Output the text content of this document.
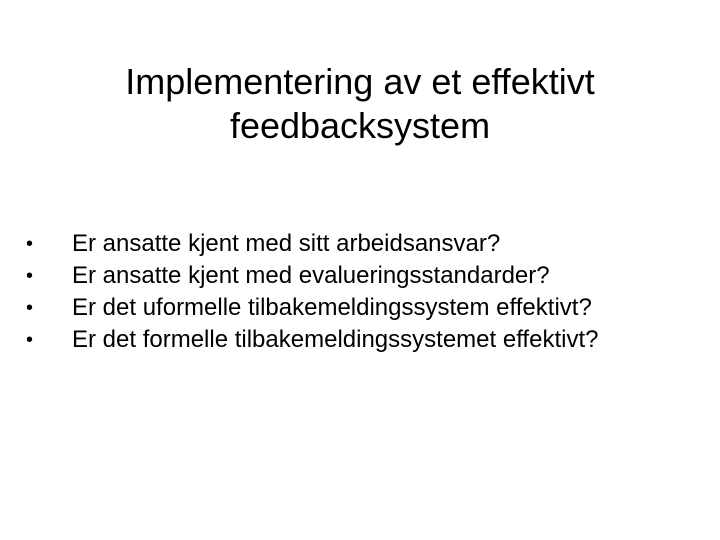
Implementering av et effektivt feedbacksystem
•	Er ansatte kjent med sitt arbeidsansvar?
•	Er ansatte kjent med evalueringsstandarder?
•	Er det uformelle tilbakemeldingssystem effektivt?
•	Er det formelle tilbakemeldingssystemet effektivt?
